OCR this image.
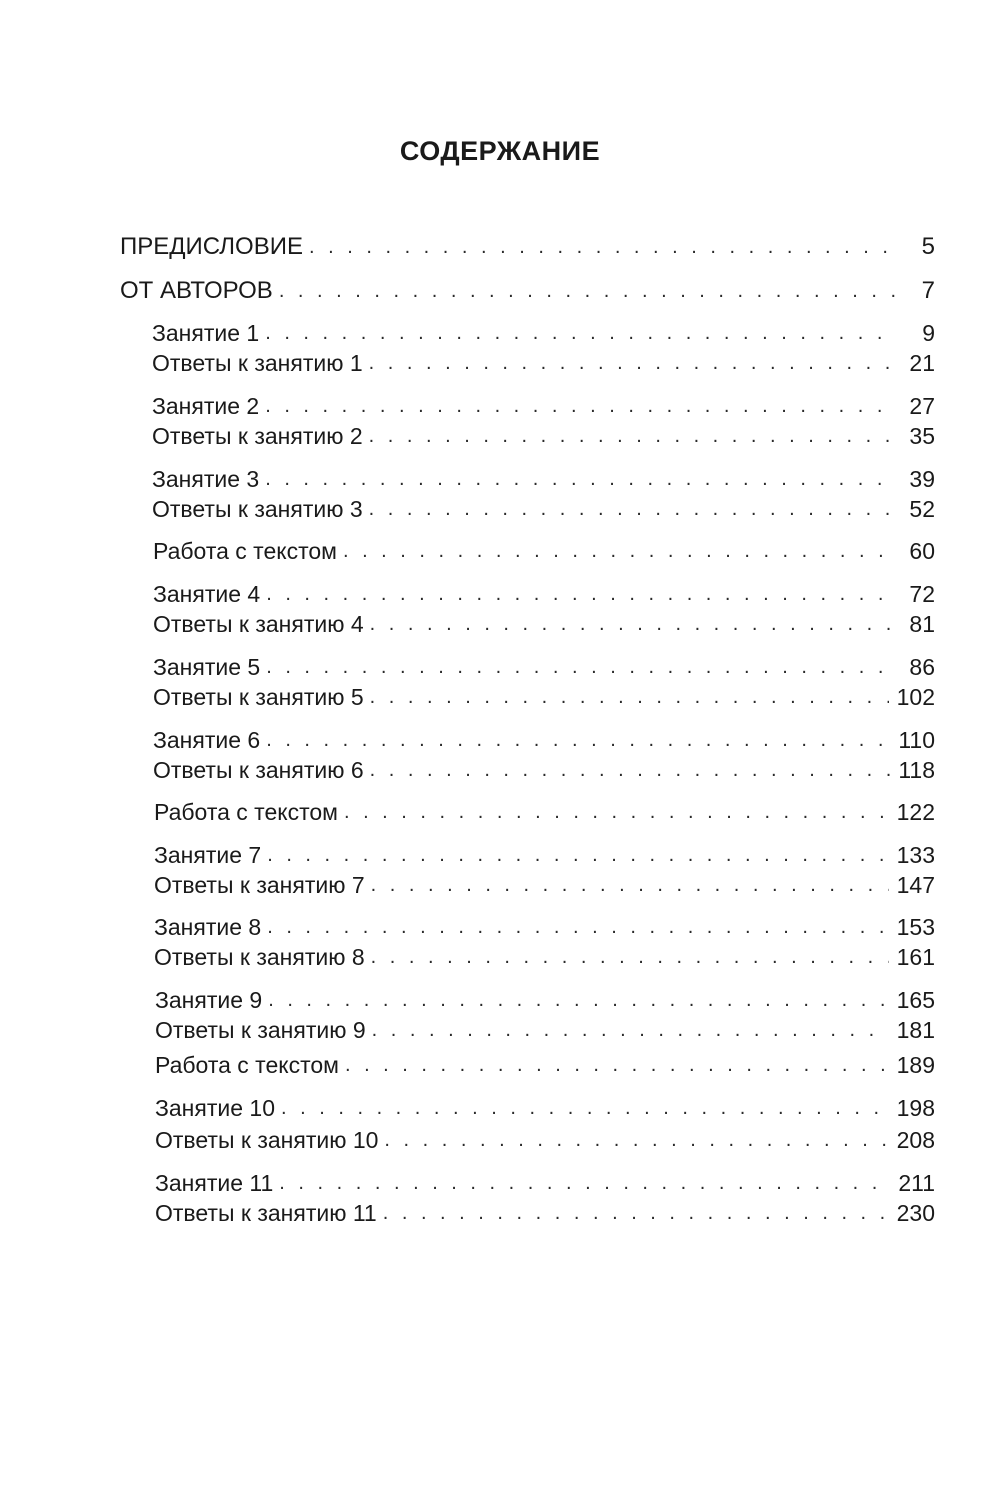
СОДЕРЖАНИЕ
ПРЕДИСЛОВИЕ . . .	5
ОТ АВТОРОВ . . .	7
Занятие 1 . . .	9
Ответы к занятию 1 . . .	21
Занятие 2 . . .	27
Ответы к занятию 2 . . .	35
Занятие 3 . . .	39
Ответы к занятию 3 . . .	52
Работа с текстом . . .	60
Занятие 4 . . .	72
Ответы к занятию 4 . . .	81
Занятие 5 . . .	86
Ответы к занятию 5 . . .	102
Занятие 6 . . .	110
Ответы к занятию 6 . . .	118
Работа с текстом . . .	122
Занятие 7 . . .	133
Ответы к занятию 7 . . .	147
Занятие 8 . . .	153
Ответы к занятию 8 . . .	161
Занятие 9 . . .	165
Ответы к занятию 9 . . .	181
Работа с текстом . . .	189
Занятие 10 . . .	198
Ответы к занятию 10 . . .	208
Занятие 11 . . .	211
Ответы к занятию 11 . . .	230
